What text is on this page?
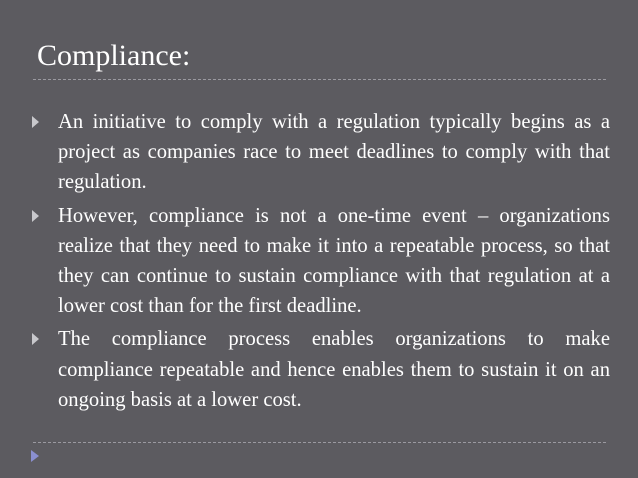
Compliance:
An initiative to comply with a regulation typically begins as a project as companies race to meet deadlines to comply with that regulation.
However, compliance is not a one-time event – organizations realize that they need to make it into a repeatable process, so that they can continue to sustain compliance with that regulation at a lower cost than for the first deadline.
The compliance process enables organizations to make compliance repeatable and hence enables them to sustain it on an ongoing basis at a lower cost.
